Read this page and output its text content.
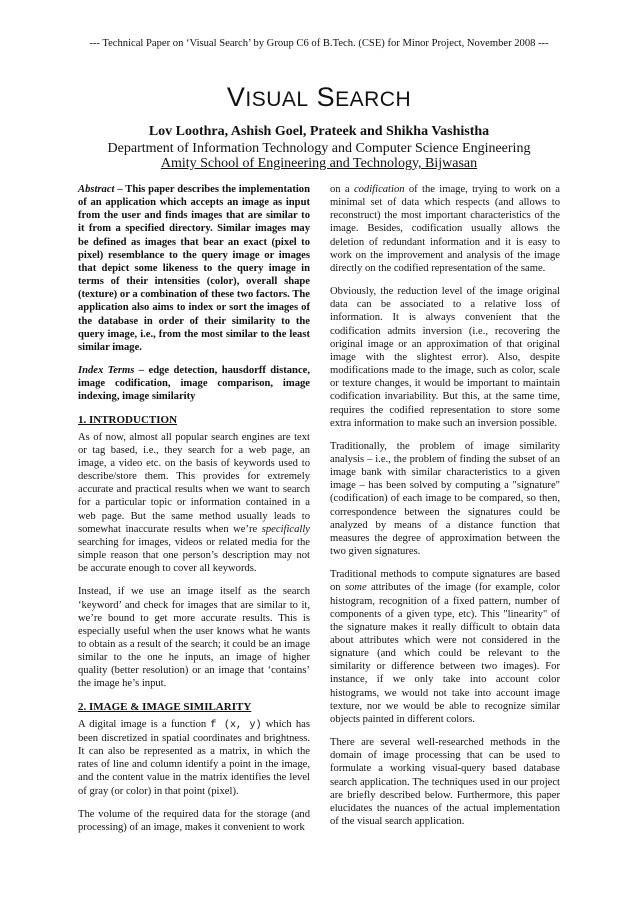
--- Technical Paper on ‘Visual Search’ by Group C6 of B.Tech. (CSE) for Minor Project, November 2008 ---
VISUAL SEARCH
Lov Loothra, Ashish Goel, Prateek and Shikha Vashistha
Department of Information Technology and Computer Science Engineering
Amity School of Engineering and Technology, Bijwasan

Abstract – This paper describes the implementation of an application which accepts an image as input from the user and finds images that are similar to it from a specified directory. Similar images may be defined as images that bear an exact (pixel to pixel) resemblance to the query image or images that depict some likeness to the query image in terms of their intensities (color), overall shape (texture) or a combination of these two factors. The application also aims to index or sort the images of the database in order of their similarity to the query image, i.e., from the most similar to the least similar image.

Index Terms – edge detection, hausdorff distance, image codification, image comparison, image indexing, image similarity

1. INTRODUCTION

As of now, almost all popular search engines are text or tag based, i.e., they search for a web page, an image, a video etc. on the basis of keywords used to describe/store them. This provides for extremely accurate and practical results when we want to search for a particular topic or information contained in a web page. But the same method usually leads to somewhat inaccurate results when we’re specifically searching for images, videos or related media for the simple reason that one person’s description may not be accurate enough to cover all keywords.

Instead, if we use an image itself as the search ‘keyword’ and check for images that are similar to it, we’re bound to get more accurate results. This is especially useful when the user knows what he wants to obtain as a result of the search; it could be an image similar to the one he inputs, an image of higher quality (better resolution) or an image that ‘contains’ the image he’s input.

2. IMAGE & IMAGE SIMILARITY

A digital image is a function f (x, y) which has been discretized in spatial coordinates and brightness. It can also be represented as a matrix, in which the rates of line and column identify a point in the image, and the content value in the matrix identifies the level of gray (or color) in that point (pixel).

The volume of the required data for the storage (and processing) of an image, makes it convenient to work

on a codification of the image, trying to work on a minimal set of data which respects (and allows to reconstruct) the most important characteristics of the image. Besides, codification usually allows the deletion of redundant information and it is easy to work on the improvement and analysis of the image directly on the codified representation of the same.

Obviously, the reduction level of the image original data can be associated to a relative loss of information. It is always convenient that the codification admits inversion (i.e., recovering the original image or an approximation of that original image with the slightest error). Also, despite modifications made to the image, such as color, scale or texture changes, it would be important to maintain codification invariability. But this, at the same time, requires the codified representation to store some extra information to make such an inversion possible.

Traditionally, the problem of image similarity analysis – i.e., the problem of finding the subset of an image bank with similar characteristics to a given image – has been solved by computing a "signature" (codification) of each image to be compared, so then, correspondence between the signatures could be analyzed by means of a distance function that measures the degree of approximation between the two given signatures.

Traditional methods to compute signatures are based on some attributes of the image (for example, color histogram, recognition of a fixed pattern, number of components of a given type, etc). This "linearity" of the signature makes it really difficult to obtain data about attributes which were not considered in the signature (and which could be relevant to the similarity or difference between two images). For instance, if we only take into account color histograms, we would not take into account image texture, nor we would be able to recognize similar objects painted in different colors.

There are several well-researched methods in the domain of image processing that can be used to formulate a working visual-query based database search application. The techniques used in our project are briefly described below. Furthermore, this paper elucidates the nuances of the actual implementation of the visual search application.
